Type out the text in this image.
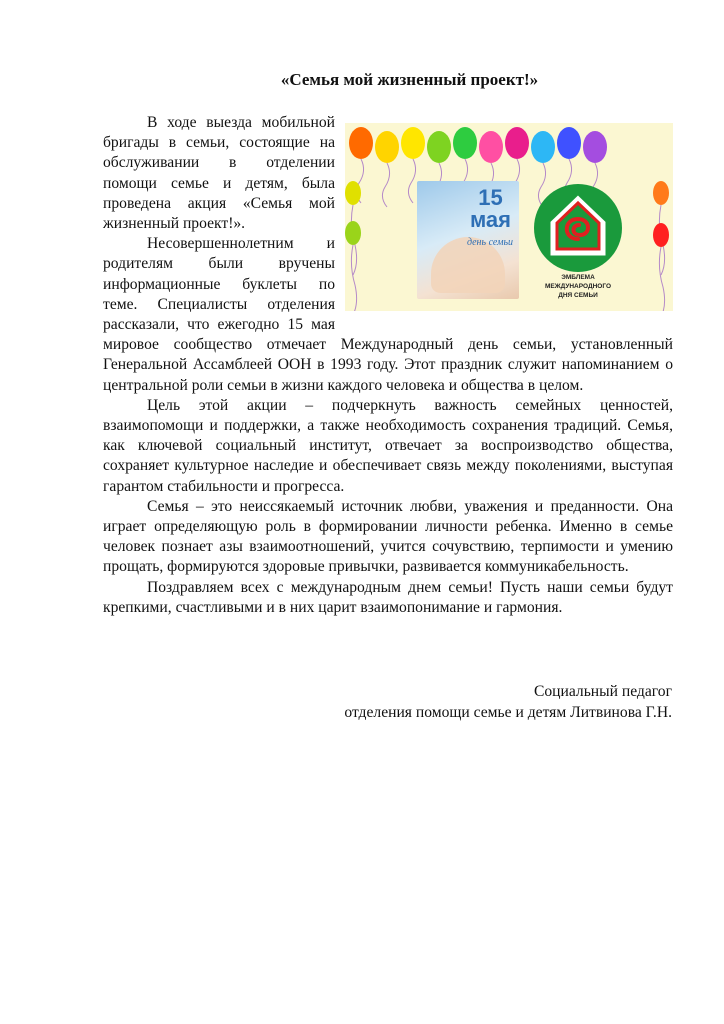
«Семья мой жизненный проект!»
15
мая
день семьи
ЭМБЛЕМА
МЕЖДУНАРОДНОГО
ДНЯ СЕМЬИ

В ходе выезда мобильной бригады в семьи, состоящие на обслуживании в отделении помощи семье и детям, была проведена акция «Семья мой жизненный проект!».

Несовершеннолетним и родителям были вручены информационные буклеты по теме. Специалисты отделения рассказали, что ежегодно 15 мая мировое сообщество отмечает Международный день семьи, установленный Генеральной Ассамблеей ООН в 1993 году. Этот праздник служит напоминанием о центральной роли семьи в жизни каждого человека и общества в целом.

Цель этой акции – подчеркнуть важность семейных ценностей, взаимопомощи и поддержки, а также необходимость сохранения традиций. Семья, как ключевой социальный институт, отвечает за воспроизводство общества, сохраняет культурное наследие и обеспечивает связь между поколениями, выступая гарантом стабильности и прогресса.

Семья – это неиссякаемый источник любви, уважения и преданности. Она играет определяющую роль в формировании личности ребенка. Именно в семье человек познает азы взаимоотношений, учится сочувствию, терпимости и умению прощать, формируются здоровые привычки, развивается коммуникабельность.

Поздравляем всех с международным днем семьи! Пусть наши семьи будут крепкими, счастливыми и в них царит взаимопонимание и гармония.

Социальный педагог
отделения помощи семье и детям Литвинова Г.Н.
